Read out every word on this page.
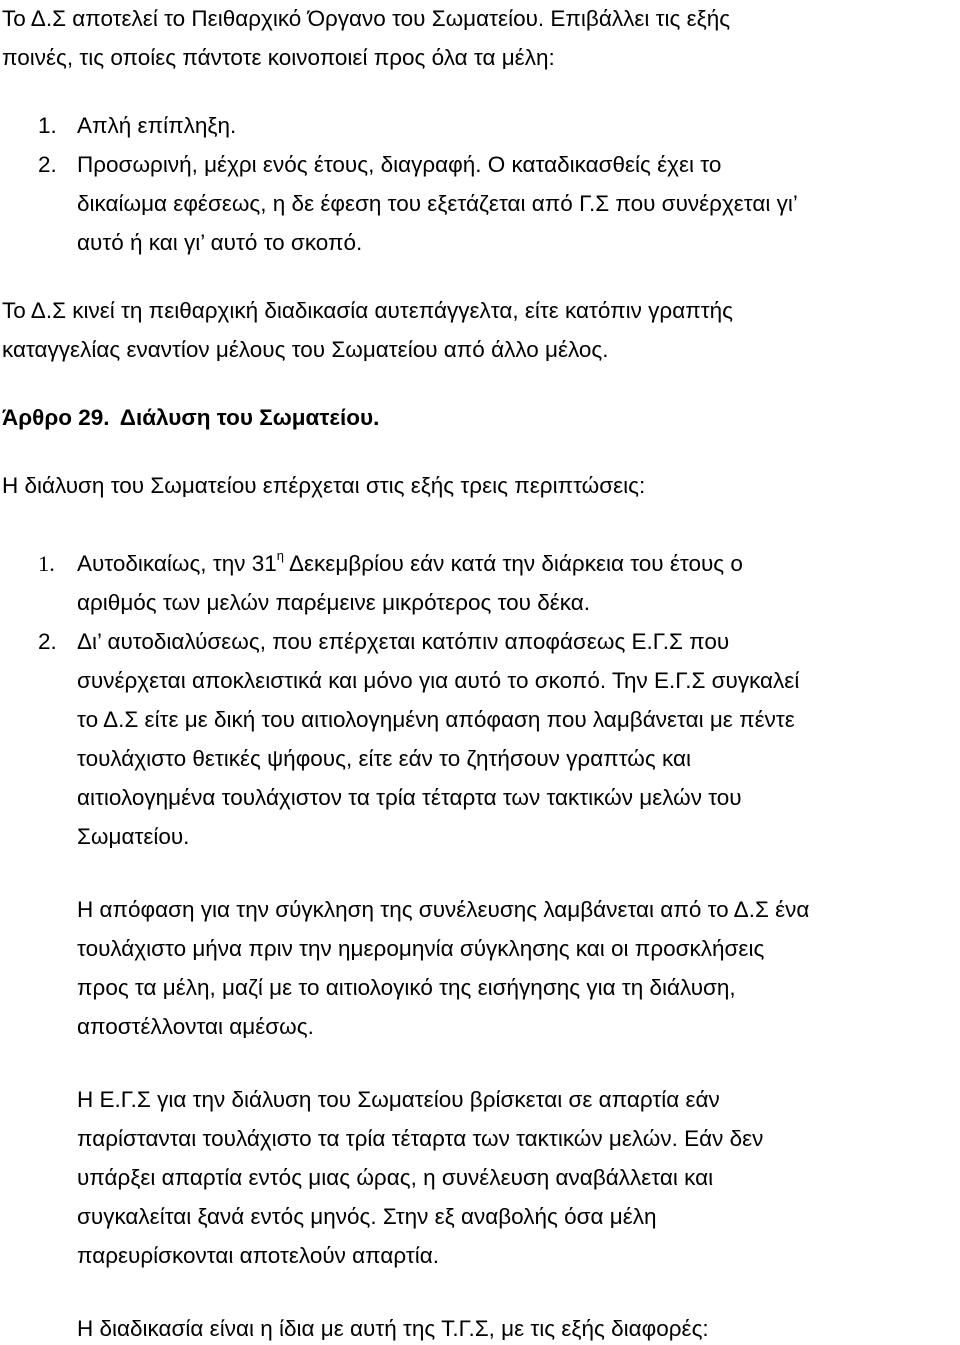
Το Δ.Σ αποτελεί το Πειθαρχικό Όργανο του Σωματείου. Επιβάλλει τις εξής
ποινές, τις οποίες πάντοτε κοινοποιεί προς όλα τα μέλη:
1. Απλή επίπληξη.
2. Προσωρινή, μέχρι ενός έτους, διαγραφή. Ο καταδικασθείς έχει το
δικαίωμα εφέσεως, η δε έφεση του εξετάζεται από Γ.Σ που συνέρχεται γι’
αυτό ή και γι’ αυτό το σκοπό.
Το Δ.Σ κινεί τη πειθαρχική διαδικασία αυτεπάγγελτα, είτε κατόπιν γραπτής
καταγγελίας εναντίον μέλους του Σωματείου από άλλο μέλος.
Άρθρο 29. Διάλυση του Σωματείου.
Η διάλυση του Σωματείου επέρχεται στις εξής τρεις περιπτώσεις:
1. Αυτοδικαίως, την $31^\eta$ Δεκεμβρίου εάν κατά την διάρκεια του έτους ο
αριθμός των μελών παρέμεινε μικρότερος του δέκα.
2. Δι’ αυτοδιαλύσεως, που επέρχεται κατόπιν αποφάσεως Ε.Γ.Σ που
συνέρχεται αποκλειστικά και μόνο για αυτό το σκοπό. Την Ε.Γ.Σ συγκαλεί
το Δ.Σ είτε με δική του αιτιολογημένη απόφαση που λαμβάνεται με πέντε
τουλάχιστο θετικές ψήφους, είτε εάν το ζητήσουν γραπτώς και
αιτιολογημένα τουλάχιστον τα τρία τέταρτα των τακτικών μελών του
Σωματείου.
Η απόφαση για την σύγκληση της συνέλευσης λαμβάνεται από το Δ.Σ ένα
τουλάχιστο μήνα πριν την ημερομηνία σύγκλησης και οι προσκλήσεις
προς τα μέλη, μαζί με το αιτιολογικό της εισήγησης για τη διάλυση,
αποστέλλονται αμέσως.
Η Ε.Γ.Σ για την διάλυση του Σωματείου βρίσκεται σε απαρτία εάν
παρίστανται τουλάχιστο τα τρία τέταρτα των τακτικών μελών. Εάν δεν
υπάρξει απαρτία εντός μιας ώρας, η συνέλευση αναβάλλεται και
συγκαλείται ξανά εντός μηνός. Στην εξ αναβολής όσα μέλη
παρευρίσκονται αποτελούν απαρτία.
Η διαδικασία είναι η ίδια με αυτή της Τ.Γ.Σ, με τις εξής διαφορές:
